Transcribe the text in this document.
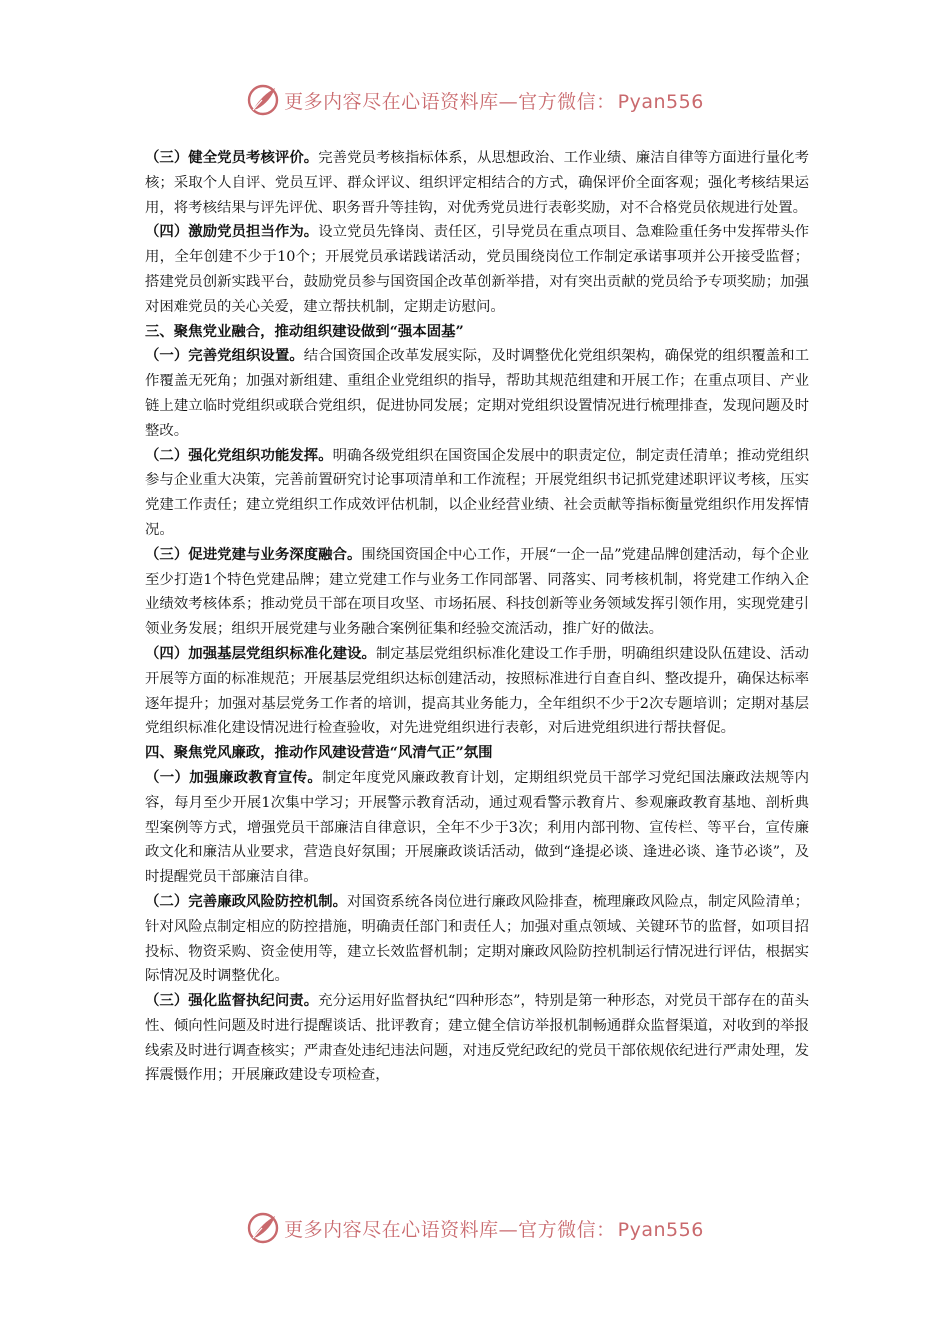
更多内容尽在心语资料库—官方微信： Pyan556

（三）健全党员考核评价。完善党员考核指标体系，从思想政治、工作业绩、廉洁自律等方面进行量化考核；采取个人自评、党员互评、群众评议、组织评定相结合的方式，确保评价全面客观；强化考核结果运用，将考核结果与评先评优、职务晋升等挂钩，对优秀党员进行表彰奖励，对不合格党员依规进行处置。

（四）激励党员担当作为。设立党员先锋岗、责任区，引导党员在重点项目、急难险重任务中发挥带头作用，全年创建不少于10个；开展党员承诺践诺活动，党员围绕岗位工作制定承诺事项并公开接受监督；搭建党员创新实践平台，鼓励党员参与国资国企改革创新举措，对有突出贡献的党员给予专项奖励；加强对困难党员的关心关爱，建立帮扶机制，定期走访慰问。

三、聚焦党业融合，推动组织建设做到“强本固基”

（一）完善党组织设置。结合国资国企改革发展实际，及时调整优化党组织架构，确保党的组织覆盖和工作覆盖无死角；加强对新组建、重组企业党组织的指导，帮助其规范组建和开展工作；在重点项目、产业链上建立临时党组织或联合党组织，促进协同发展；定期对党组织设置情况进行梳理排查，发现问题及时整改。

（二）强化党组织功能发挥。明确各级党组织在国资国企发展中的职责定位，制定责任清单；推动党组织参与企业重大决策，完善前置研究讨论事项清单和工作流程；开展党组织书记抓党建述职评议考核，压实党建工作责任；建立党组织工作成效评估机制，以企业经营业绩、社会贡献等指标衡量党组织作用发挥情况。

（三）促进党建与业务深度融合。围绕国资国企中心工作，开展“一企一品”党建品牌创建活动，每个企业至少打造1个特色党建品牌；建立党建工作与业务工作同部署、同落实、同考核机制，将党建工作纳入企业绩效考核体系；推动党员干部在项目攻坚、市场拓展、科技创新等业务领域发挥引领作用，实现党建引领业务发展；组织开展党建与业务融合案例征集和经验交流活动，推广好的做法。

（四）加强基层党组织标准化建设。制定基层党组织标准化建设工作手册，明确组织建设队伍建设、活动开展等方面的标准规范；开展基层党组织达标创建活动，按照标准进行自查自纠、整改提升，确保达标率逐年提升；加强对基层党务工作者的培训，提高其业务能力，全年组织不少于2次专题培训；定期对基层党组织标准化建设情况进行检查验收，对先进党组织进行表彰，对后进党组织进行帮扶督促。

四、聚焦党风廉政，推动作风建设营造“风清气正”氛围

（一）加强廉政教育宣传。制定年度党风廉政教育计划，定期组织党员干部学习党纪国法廉政法规等内容，每月至少开展1次集中学习；开展警示教育活动，通过观看警示教育片、参观廉政教育基地、剖析典型案例等方式，增强党员干部廉洁自律意识，全年不少于3次；利用内部刊物、宣传栏、等平台，宣传廉政文化和廉洁从业要求，营造良好氛围；开展廉政谈话活动，做到“逢提必谈、逢进必谈、逢节必谈”，及时提醒党员干部廉洁自律。

（二）完善廉政风险防控机制。对国资系统各岗位进行廉政风险排查，梳理廉政风险点，制定风险清单；针对风险点制定相应的防控措施，明确责任部门和责任人；加强对重点领域、关键环节的监督，如项目招投标、物资采购、资金使用等，建立长效监督机制；定期对廉政风险防控机制运行情况进行评估，根据实际情况及时调整优化。

（三）强化监督执纪问责。充分运用好监督执纪“四种形态”，特别是第一种形态，对党员干部存在的苗头性、倾向性问题及时进行提醒谈话、批评教育；建立健全信访举报机制畅通群众监督渠道，对收到的举报线索及时进行调查核实；严肃查处违纪违法问题，对违反党纪政纪的党员干部依规依纪进行严肃处理，发挥震慑作用；开展廉政建设专项检查，

更多内容尽在心语资料库—官方微信： Pyan556
